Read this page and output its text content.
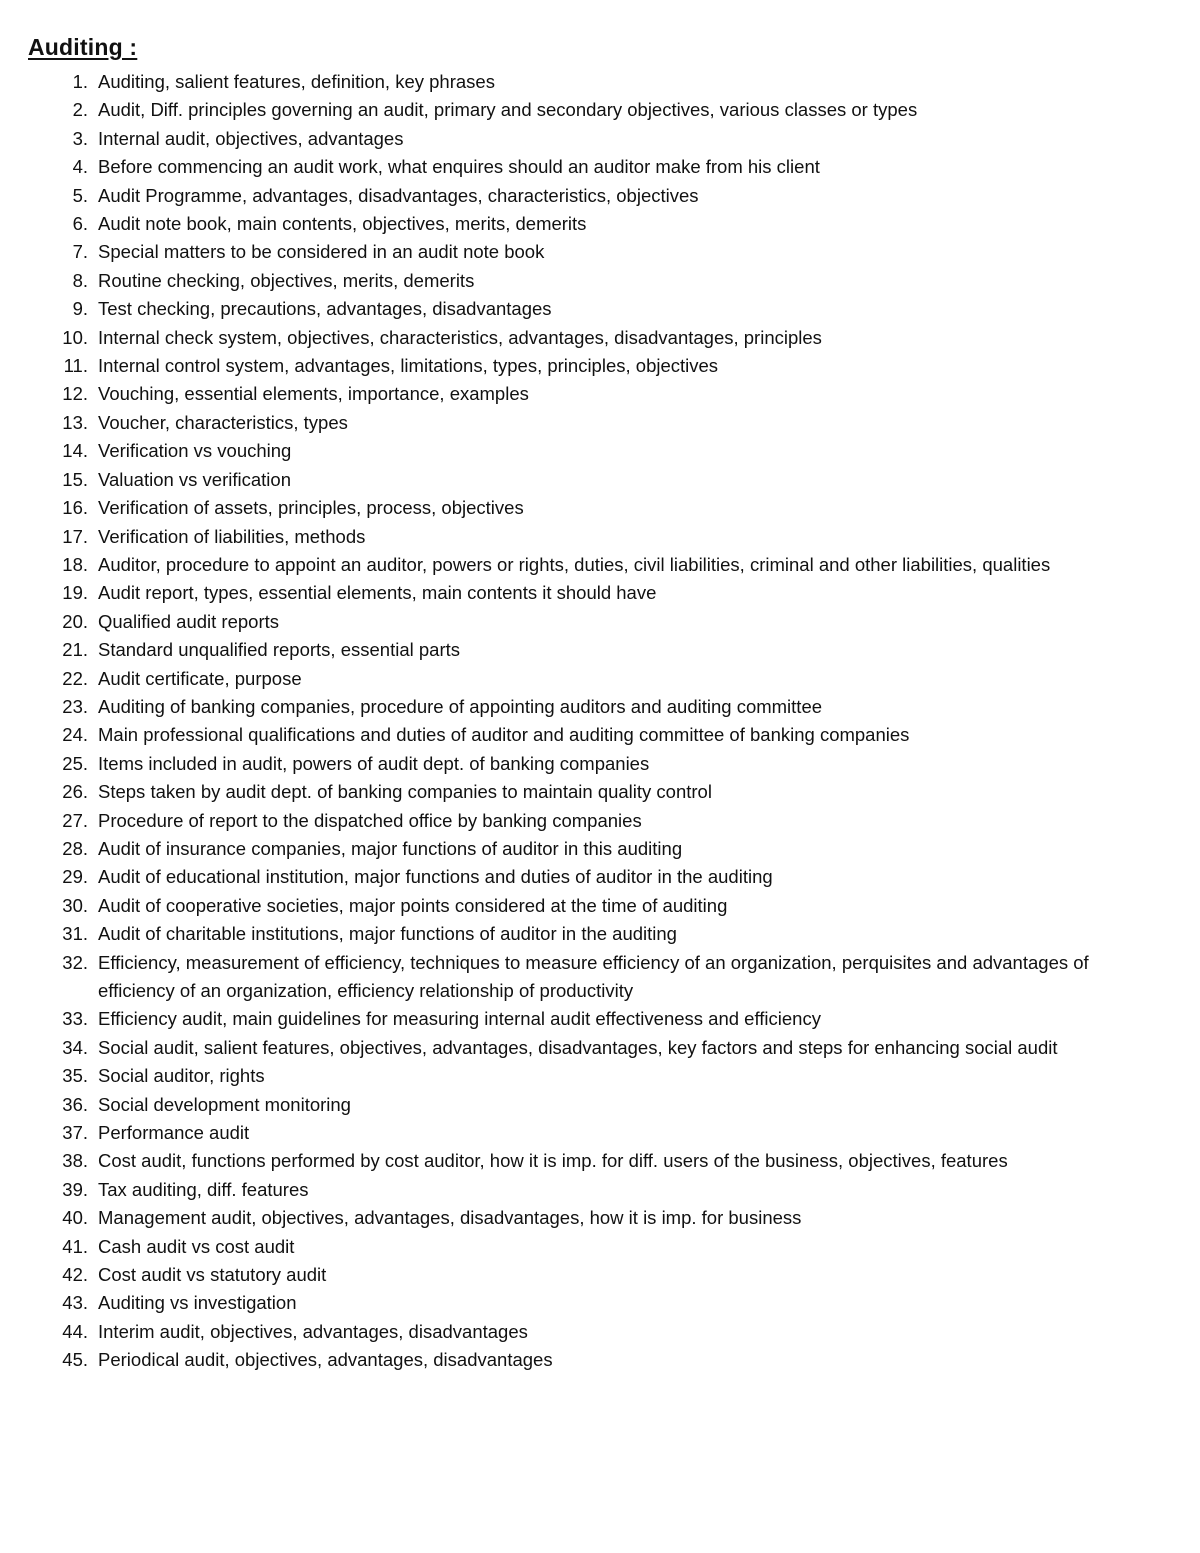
Auditing :
1. Auditing, salient features, definition, key phrases
2. Audit, Diff. principles governing an audit, primary and secondary objectives, various classes or types
3. Internal audit, objectives, advantages
4. Before commencing an audit work, what enquires should an auditor make from his client
5. Audit Programme, advantages, disadvantages, characteristics, objectives
6. Audit note book, main contents, objectives, merits, demerits
7. Special matters to be considered in an audit note book
8. Routine checking, objectives, merits, demerits
9. Test checking, precautions, advantages, disadvantages
10. Internal check system, objectives, characteristics, advantages, disadvantages, principles
11. Internal control system, advantages, limitations, types, principles, objectives
12. Vouching, essential elements, importance, examples
13. Voucher, characteristics, types
14. Verification vs vouching
15. Valuation vs verification
16. Verification of assets, principles, process, objectives
17. Verification of liabilities, methods
18. Auditor, procedure to appoint an auditor, powers or rights, duties, civil liabilities, criminal and other liabilities, qualities
19. Audit report, types, essential elements, main contents it should have
20. Qualified audit reports
21. Standard unqualified reports, essential parts
22. Audit certificate, purpose
23. Auditing of banking companies, procedure of appointing auditors and auditing committee
24. Main professional qualifications and duties of auditor and auditing committee of banking companies
25. Items included in audit, powers of audit dept. of banking companies
26. Steps taken by audit dept. of banking companies to maintain quality control
27. Procedure of report to the dispatched office by banking companies
28. Audit of insurance companies, major functions of auditor in this auditing
29. Audit of educational institution, major functions and duties of auditor in the auditing
30. Audit of cooperative societies, major points considered at the time of auditing
31. Audit of charitable institutions, major functions of auditor in the auditing
32. Efficiency, measurement of efficiency, techniques to measure efficiency of an organization, perquisites and advantages of efficiency of an organization, efficiency relationship of productivity
33. Efficiency audit, main guidelines for measuring internal audit effectiveness and efficiency
34. Social audit, salient features, objectives, advantages, disadvantages, key factors and steps for enhancing social audit
35. Social auditor, rights
36. Social development monitoring
37. Performance audit
38. Cost audit, functions performed by cost auditor, how it is imp. for diff. users of the business, objectives, features
39. Tax auditing, diff. features
40. Management audit, objectives, advantages, disadvantages, how it is imp. for business
41. Cash audit vs cost audit
42. Cost audit vs statutory audit
43. Auditing vs investigation
44. Interim audit, objectives, advantages, disadvantages
45. Periodical audit, objectives, advantages, disadvantages
